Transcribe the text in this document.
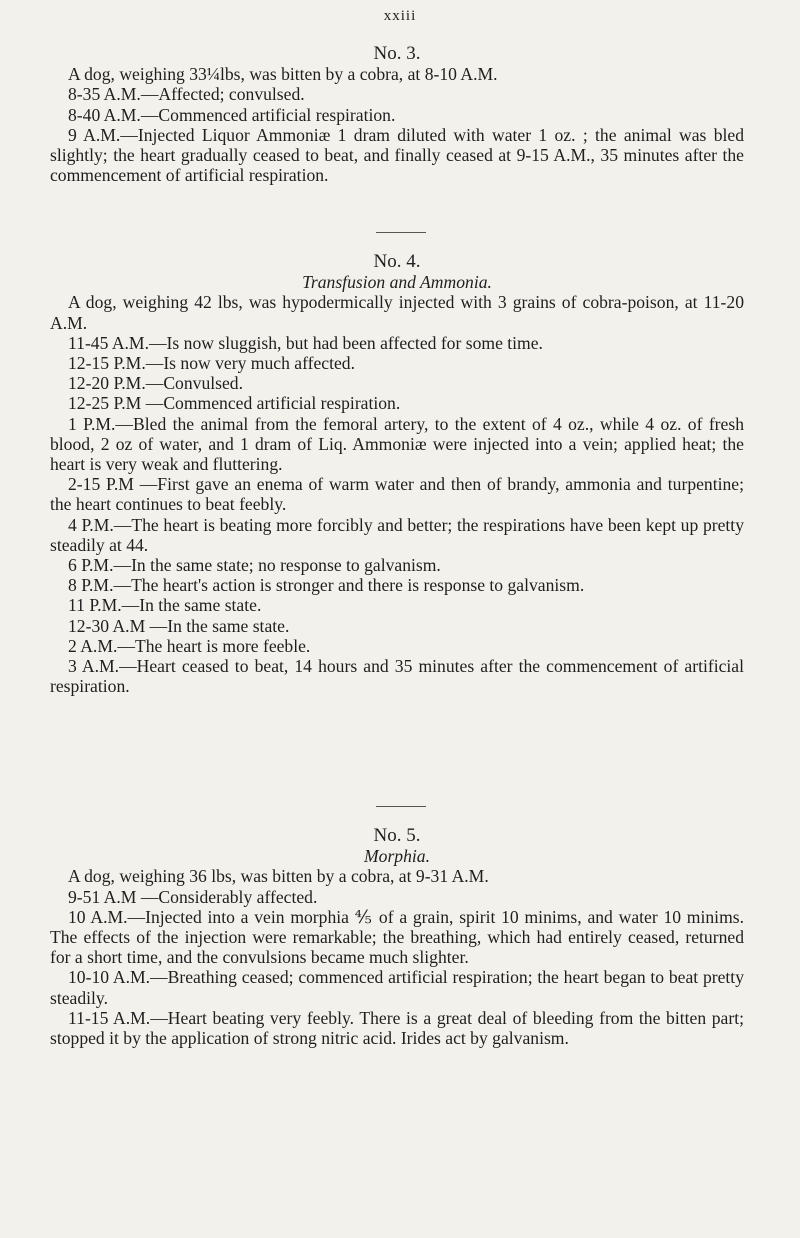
xxiii

No. 3.

A dog, weighing 33¼lbs, was bitten by a cobra, at 8-10 A.M.

8-35 A.M.—Affected; convulsed.

8-40 A.M.—Commenced artificial respiration.

9 A.M.—Injected Liquor Ammoniæ 1 dram diluted with water 1 oz. ; the animal was bled slightly; the heart gradually ceased to beat, and finally ceased at 9-15 A.M., 35 minutes after the commencement of artificial respiration.

No. 4.

Transfusion and Ammonia.

A dog, weighing 42 lbs, was hypodermically injected with 3 grains of cobra-poison, at 11-20 A.M.

11-45 A.M.—Is now sluggish, but had been affected for some time.

12-15 P.M.—Is now very much affected.

12-20 P.M.—Convulsed.

12-25 P.M —Commenced artificial respiration.

1 P.M.—Bled the animal from the femoral artery, to the extent of 4 oz., while 4 oz. of fresh blood, 2 oz of water, and 1 dram of Liq. Ammoniæ were injected into a vein; applied heat; the heart is very weak and fluttering.

2-15 P.M —First gave an enema of warm water and then of brandy, ammonia and turpentine; the heart continues to beat feebly.

4 P.M.—The heart is beating more forcibly and better; the respirations have been kept up pretty steadily at 44.

6 P.M.—In the same state; no response to galvanism.

8 P.M.—The heart's action is stronger and there is response to galvanism.

11 P.M.—In the same state.

12-30 A.M —In the same state.

2 A.M.—The heart is more feeble.

3 A.M.—Heart ceased to beat, 14 hours and 35 minutes after the commencement of artificial respiration.

No. 5.

Morphia.

A dog, weighing 36 lbs, was bitten by a cobra, at 9-31 A.M.

9-51 A.M —Considerably affected.

10 A.M.—Injected into a vein morphia ⅘ of a grain, spirit 10 minims, and water 10 minims. The effects of the injection were remarkable; the breathing, which had entirely ceased, returned for a short time, and the convulsions became much slighter.

10-10 A.M.—Breathing ceased; commenced artificial respiration; the heart began to beat pretty steadily.

11-15 A.M.—Heart beating very feebly. There is a great deal of bleeding from the bitten part; stopped it by the application of strong nitric acid. Irides act by galvanism.
